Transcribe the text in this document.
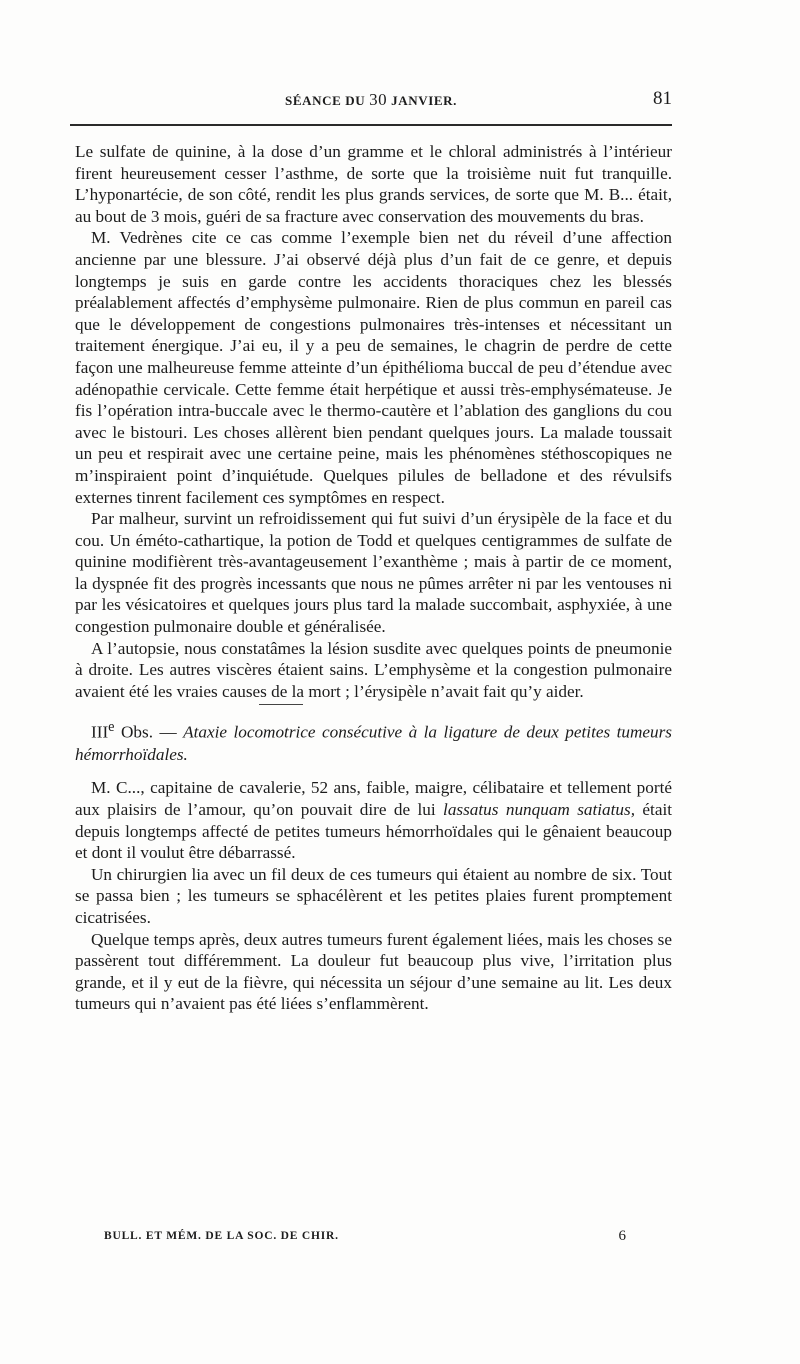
SÉANCE DU 30 JANVIER.	81

Le sulfate de quinine, à la dose d’un gramme et le chloral administrés à l’intérieur firent heureusement cesser l’asthme, de sorte que la troisième nuit fut tranquille. L’hyponartécie, de son côté, rendit les plus grands services, de sorte que M. B... était, au bout de 3 mois, guéri de sa fracture avec conservation des mouvements du bras.

M. Vedrènes cite ce cas comme l’exemple bien net du réveil d’une affection ancienne par une blessure. J’ai observé déjà plus d’un fait de ce genre, et depuis longtemps je suis en garde contre les accidents thoraciques chez les blessés préalablement affectés d’emphysème pulmonaire. Rien de plus commun en pareil cas que le développement de congestions pulmonaires très-intenses et nécessitant un traitement énergique. J’ai eu, il y a peu de semaines, le chagrin de perdre de cette façon une malheureuse femme atteinte d’un épithélioma buccal de peu d’étendue avec adénopathie cervicale. Cette femme était herpétique et aussi très-emphysémateuse. Je fis l’opération intra-buccale avec le thermo-cautère et l’ablation des ganglions du cou avec le bistouri. Les choses allèrent bien pendant quelques jours. La malade toussait un peu et respirait avec une certaine peine, mais les phénomènes stéthoscopiques ne m’inspiraient point d’inquiétude. Quelques pilules de belladone et des révulsifs externes tinrent facilement ces symptômes en respect.

Par malheur, survint un refroidissement qui fut suivi d’un érysipèle de la face et du cou. Un éméto-cathartique, la potion de Todd et quelques centigrammes de sulfate de quinine modifièrent très-avantageusement l’exanthème ; mais à partir de ce moment, la dyspnée fit des progrès incessants que nous ne pûmes arrêter ni par les ventouses ni par les vésicatoires et quelques jours plus tard la malade succombait, asphyxiée, à une congestion pulmonaire double et généralisée.

A l’autopsie, nous constatâmes la lésion susdite avec quelques points de pneumonie à droite. Les autres viscères étaient sains. L’emphysème et la congestion pulmonaire avaient été les vraies causes de la mort ; l’érysipèle n’avait fait qu’y aider.

IIIe Obs. — Ataxie locomotrice consécutive à la ligature de deux petites tumeurs hémorrhoïdales.

M. C..., capitaine de cavalerie, 52 ans, faible, maigre, célibataire et tellement porté aux plaisirs de l’amour, qu’on pouvait dire de lui lassatus nunquam satiatus, était depuis longtemps affecté de petites tumeurs hémorrhoïdales qui le gênaient beaucoup et dont il voulut être débarrassé.

Un chirurgien lia avec un fil deux de ces tumeurs qui étaient au nombre de six. Tout se passa bien ; les tumeurs se sphacélèrent et les petites plaies furent promptement cicatrisées.

Quelque temps après, deux autres tumeurs furent également liées, mais les choses se passèrent tout différemment. La douleur fut beaucoup plus vive, l’irritation plus grande, et il y eut de la fièvre, qui nécessita un séjour d’une semaine au lit. Les deux tumeurs qui n’avaient pas été liées s’enflammèrent.

BULL. ET MÉM. DE LA SOC. DE CHIR.	6
